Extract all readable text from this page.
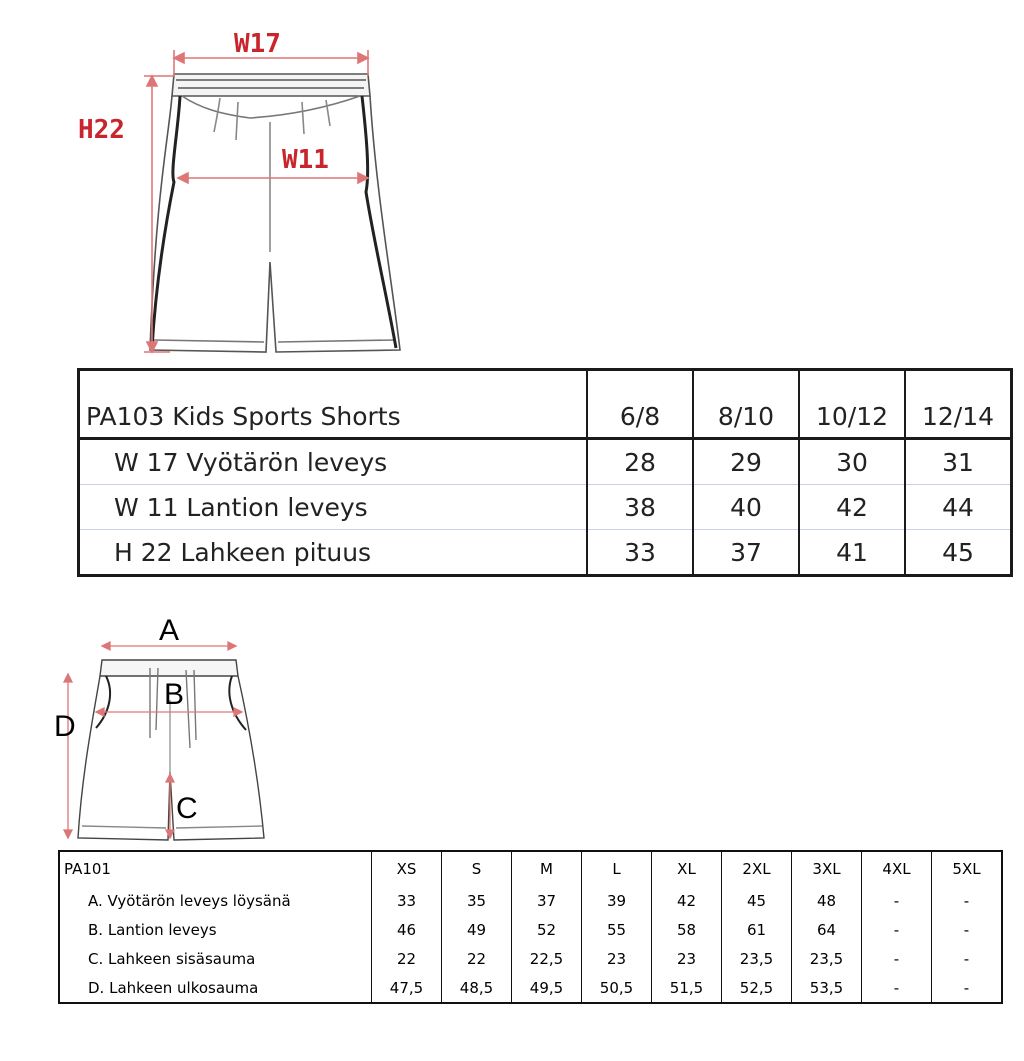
W17
W11
H22
PA103 Kids Sports Shorts	6/8	8/10	10/12	12/14
W 17 Vyötärön leveys	28	29	30	31
W 11 Lantion leveys	38	40	42	44
H 22 Lahkeen pituus	33	37	41	45
A
B
C
D
PA101	XS	S	M	L	XL	2XL	3XL	4XL	5XL
A. Vyötärön leveys löysänä	33	35	37	39	42	45	48	-	-
B. Lantion leveys	46	49	52	55	58	61	64	-	-
C. Lahkeen sisäsauma	22	22	22,5	23	23	23,5	23,5	-	-
D. Lahkeen ulkosauma	47,5	48,5	49,5	50,5	51,5	52,5	53,5	-	-
